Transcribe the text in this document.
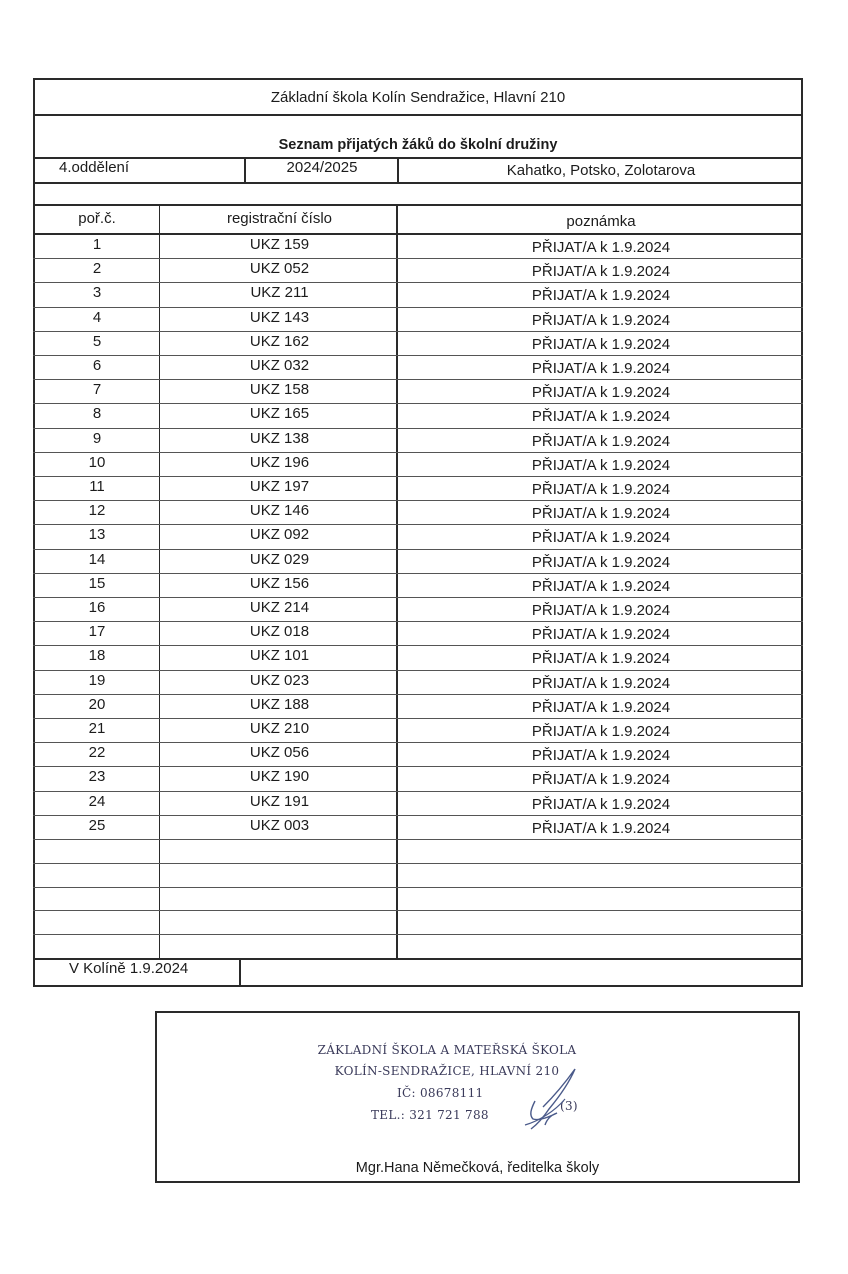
Základní škola Kolín Sendražice, Hlavní 210
Seznam přijatých žáků do školní družiny
4.oddělení	2024/2025	Kahatko, Potsko, Zolotarova
poř.č.	registrační číslo	poznámka
1	UKZ 159	PŘIJAT/A k 1.9.2024
2	UKZ 052	PŘIJAT/A k 1.9.2024
3	UKZ 211	PŘIJAT/A k 1.9.2024
4	UKZ 143	PŘIJAT/A k 1.9.2024
5	UKZ 162	PŘIJAT/A k 1.9.2024
6	UKZ 032	PŘIJAT/A k 1.9.2024
7	UKZ 158	PŘIJAT/A k 1.9.2024
8	UKZ 165	PŘIJAT/A k 1.9.2024
9	UKZ 138	PŘIJAT/A k 1.9.2024
10	UKZ 196	PŘIJAT/A k 1.9.2024
11	UKZ 197	PŘIJAT/A k 1.9.2024
12	UKZ 146	PŘIJAT/A k 1.9.2024
13	UKZ 092	PŘIJAT/A k 1.9.2024
14	UKZ 029	PŘIJAT/A k 1.9.2024
15	UKZ 156	PŘIJAT/A k 1.9.2024
16	UKZ 214	PŘIJAT/A k 1.9.2024
17	UKZ 018	PŘIJAT/A k 1.9.2024
18	UKZ 101	PŘIJAT/A k 1.9.2024
19	UKZ 023	PŘIJAT/A k 1.9.2024
20	UKZ 188	PŘIJAT/A k 1.9.2024
21	UKZ 210	PŘIJAT/A k 1.9.2024
22	UKZ 056	PŘIJAT/A k 1.9.2024
23	UKZ 190	PŘIJAT/A k 1.9.2024
24	UKZ 191	PŘIJAT/A k 1.9.2024
25	UKZ 003	PŘIJAT/A k 1.9.2024
V Kolíně 1.9.2024
ZÁKLADNÍ ŠKOLA A MATEŘSKÁ ŠKOLA
KOLÍN-SENDRAŽICE, HLAVNÍ 210
IČ: 08678111
TEL.: 321 721 788
(3)
Mgr.Hana Němečková, ředitelka školy
